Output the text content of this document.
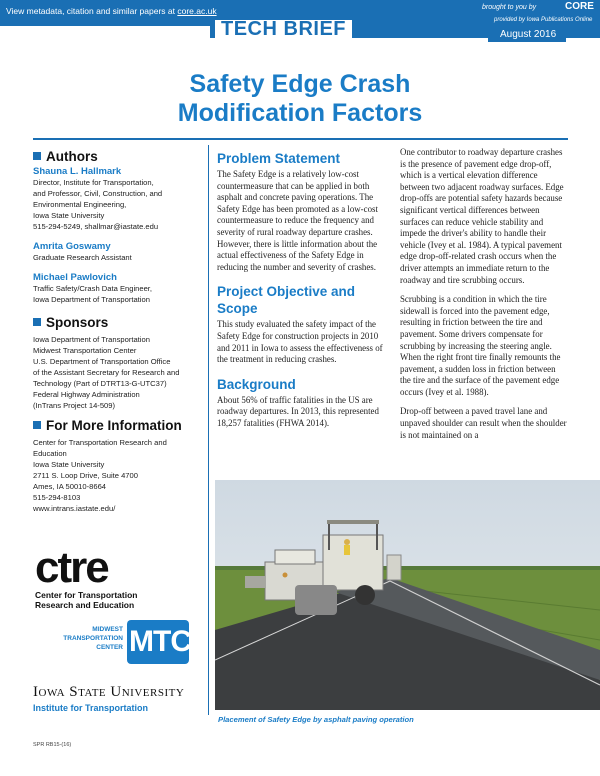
View metadata, citation and similar papers at core.ac.uk	brought to you by	CORE
provided by Iowa Publications Online
TECH BRIEF	August 2016
Safety Edge Crash
Modification Factors
Authors
Shauna L. Hallmark
Director, Institute for Transportation,
and Professor, Civil, Construction, and
Environmental Engineering,
Iowa State University
515-294-5249, shallmar@iastate.edu
Amrita Goswamy
Graduate Research Assistant
Michael Pawlovich
Traffic Safety/Crash Data Engineer,
Iowa Department of Transportation
Sponsors
Iowa Department of Transportation
Midwest Transportation Center
U.S. Department of Transportation Office
of the Assistant Secretary for Research and
Technology (Part of DTRT13-G-UTC37)
Federal Highway Administration
(InTrans Project 14-509)
For More Information
Center for Transportation Research and
Education
Iowa State University
2711 S. Loop Drive, Suite 4700
Ames, IA 50010-8664
515-294-8103
www.intrans.iastate.edu/
ctre
Center for Transportation
Research and Education
MIDWEST
TRANSPORTATION
CENTER MTC
Iowa State University
Institute for Transportation
Problem Statement
The Safety Edge is a relatively low-cost countermeasure that can be applied in both asphalt and concrete paving operations. The Safety Edge has been promoted as a low-cost countermeasure to reduce the frequency and severity of rural roadway departure crashes. However, there is little information about the actual effectiveness of the Safety Edge in reducing the number and severity of crashes.
Project Objective and Scope
This study evaluated the safety impact of the Safety Edge for construction projects in 2010 and 2011 in Iowa to assess the effectiveness of the treatment in reducing crashes.
Background
About 56% of traffic fatalities in the US are roadway departures. In 2013, this represented 18,257 fatalities (FHWA 2014).
One contributor to roadway departure crashes is the presence of pavement edge drop-off, which is a vertical elevation difference between two adjacent roadway surfaces. Edge drop-offs are potential safety hazards because significant vertical differences between surfaces can reduce vehicle stability and impede the driver's ability to handle their vehicle (Ivey et al. 1984). A typical pavement edge drop-off-related crash occurs when the driver attempts an immediate return to the roadway and tire scrubbing occurs.
Scrubbing is a condition in which the tire sidewall is forced into the pavement edge, resulting in friction between the tire and pavement. Some drivers compensate for scrubbing by increasing the steering angle. When the right front tire finally remounts the pavement, a sudden loss in friction between the tire and the surface of the pavement edge occurs (Ivey et al. 1988).
Drop-off between a paved travel lane and unpaved shoulder can result when the shoulder is not maintained on a
Placement of Safety Edge by asphalt paving operation
SPR RB15-(16)
